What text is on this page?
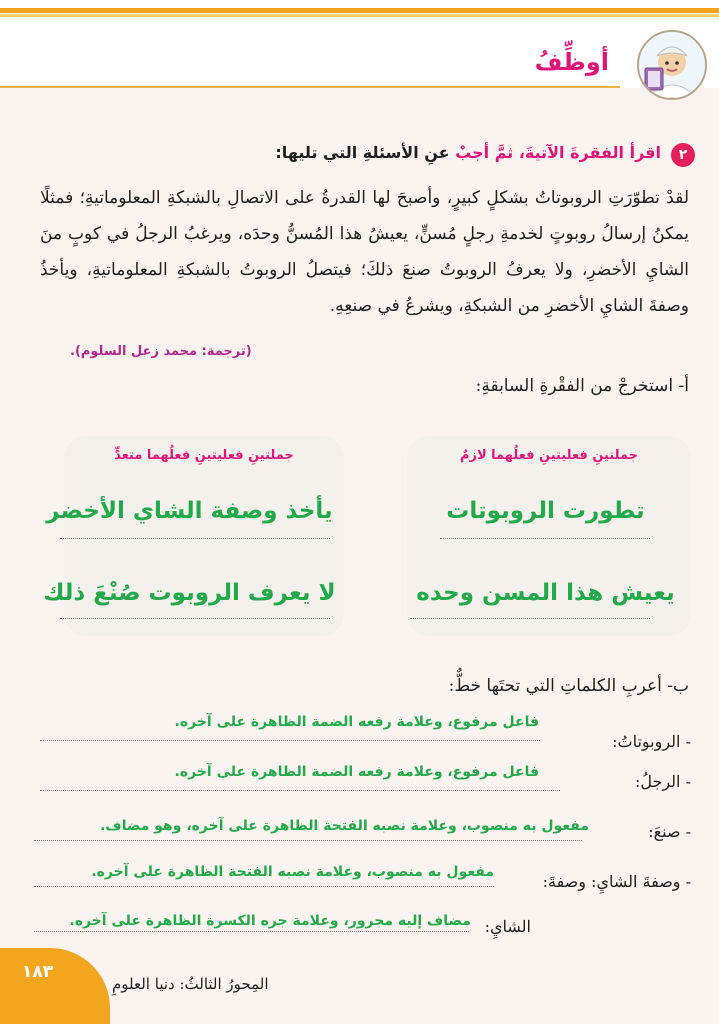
أوظِّفُ
٢
اقرأ الفقرةَ الآتيةَ، ثمَّ أجبْ عنِ الأسئلةِ التي تليها:
لقدْ تطوّرَتِ الروبوتاتُ بشكلٍ كبيرٍ، وأصبحَ لها القدرةُ على الاتصالِ بالشبكةِ المعلوماتيةِ؛ فمثلًا يمكنُ إرسالُ روبوتٍ لخدمةِ رجلٍ مُسنٍّ، يعيشُ هذا المُسنُّ وحدَه، ويرغبُ الرجلُ في كوبٍ منَ الشايِ الأخضرِ، ولا يعرفُ الروبوتُ صنعَ ذلكَ؛ فيتصلُ الروبوتُ بالشبكةِ المعلوماتيةِ، ويأخذُ وصفةَ الشايِ الأخضرِ من الشبكةِ، ويشرعُ في صنعِهِ.
(ترجمة: محمد زعل السلوم).
أ- استخرجْ من الفقْرةِ السابقةِ:
جملتينِ فعليتينِ فعلُهما لازمٌ
جملتينِ فعليتينِ فعلُهما متعدٍّ
تطورت الروبوتات
يعيش هذا المسن وحده
يأخذ وصفة الشاي الأخضر
لا يعرف الروبوت صُنْعَ ذلك
ب- أعربِ الكلماتِ التي تحتَها خطٌّ:
- الروبوتاتُ:
فاعل مرفوع، وعلامة رفعه الضمة الظاهرة على آخره.
- الرجلُ:
فاعل مرفوع، وعلامة رفعه الضمة الظاهرة على آخره.
- صنعَ:
مفعول به منصوب، وعلامة نصبه الفتحة الظاهرة على آخره، وهو مضاف.
- وصفةَ الشايِ: وصفةَ:
مفعول به منصوب، وعلامة نصبه الفتحة الظاهرة على آخره.
الشايِ:
مضاف إليه مجرور، وعلامة جره الكسرة الظاهرة على آخره.
١٨٣
المِحورُ الثالثُ: دنيا العلومِ
